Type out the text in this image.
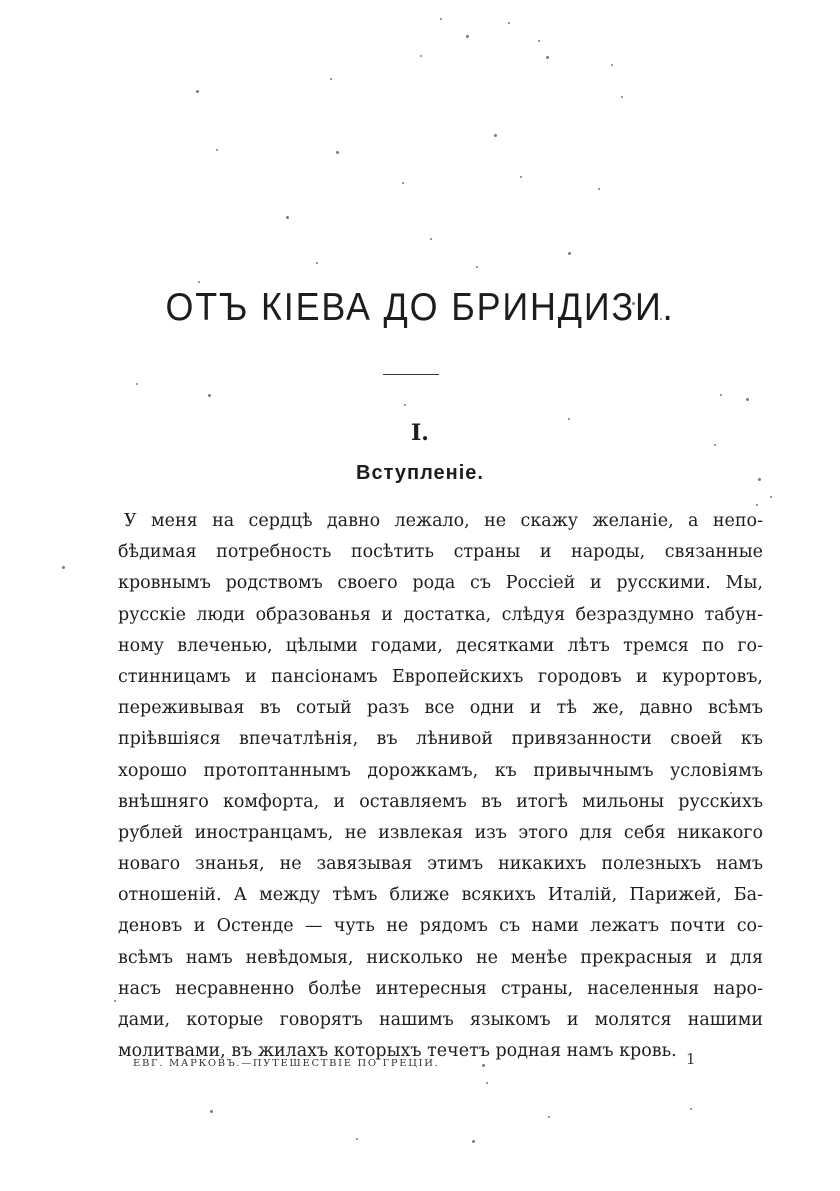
ОТЪ КІЕВА ДО БРИНДИЗИ.
I.
Вступленіе.
У меня на сердцѣ давно лежало, не скажу желаніе, а непо-
бѣдимая потребность посѣтить страны и народы, связанные
кровнымъ родствомъ своего рода съ Россіей и русскими. Мы,
русскіе люди образованья и достатка, слѣдуя безраздумно табун-
ному влеченью, цѣлыми годами, десятками лѣтъ тремся по го-
стинницамъ и пансіонамъ Европейскихъ городовъ и курортовъ,
переживывая въ сотый разъ все одни и тѣ же, давно всѣмъ
пріѣвшіяся впечатлѣнія, въ лѣнивой привязанности своей къ
хорошо протоптаннымъ дорожкамъ, къ привычнымъ условіямъ
внѣшняго комфорта, и оставляемъ въ итогѣ мильоны русскихъ
рублей иностранцамъ, не извлекая изъ этого для себя никакого
новаго знанья, не завязывая этимъ никакихъ полезныхъ намъ
отношеній. А между тѣмъ ближе всякихъ Италій, Парижей, Ба-
деновъ и Остенде — чуть не рядомъ съ нами лежатъ почти со-
всѣмъ намъ невѣдомыя, нисколько не менѣе прекрасныя и для
насъ несравненно болѣе интересныя страны, населенныя наро-
дами, которые говорятъ нашимъ языкомъ и молятся нашими
молитвами, въ жилахъ которыхъ течетъ родная намъ кровь.
ЕВГ. МАРКОВЪ.—ПУТЕШЕСТВІЕ ПО ГРЕЦІИ.	1
